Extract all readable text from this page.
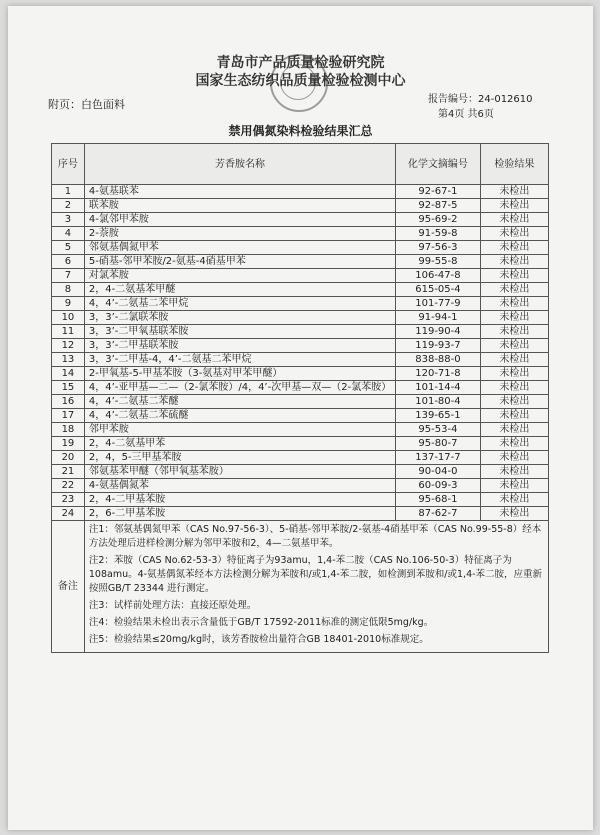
青岛市产品质量检验研究院
国家生态纺织品质量检验检测中心
附页：白色面料	报告编号：24-012610
第4页 共6页
禁用偶氮染料检验结果汇总
序号	芳香胺名称	化学文摘编号	检验结果
1	4-氨基联苯	92-67-1	未检出
2	联苯胺	92-87-5	未检出
3	4-氯邻甲苯胺	95-69-2	未检出
4	2-萘胺	91-59-8	未检出
5	邻氨基偶氮甲苯	97-56-3	未检出
6	5-硝基-邻甲苯胺/2-氨基-4硝基甲苯	99-55-8	未检出
7	对氯苯胺	106-47-8	未检出
8	2，4-二氨基苯甲醚	615-05-4	未检出
9	4，4’-二氨基二苯甲烷	101-77-9	未检出
10	3，3’-二氯联苯胺	91-94-1	未检出
11	3，3’-二甲氧基联苯胺	119-90-4	未检出
12	3，3’-二甲基联苯胺	119-93-7	未检出
13	3，3’-二甲基-4，4’-二氨基二苯甲烷	838-88-0	未检出
14	2-甲氧基-5-甲基苯胺（3-氨基对甲苯甲醚）	120-71-8	未检出
15	4，4’-亚甲基—二—（2-氯苯胺）/4，4’-次甲基—双—（2-氯苯胺）	101-14-4	未检出
16	4，4’-二氨基二苯醚	101-80-4	未检出
17	4，4’-二氨基二苯硫醚	139-65-1	未检出
18	邻甲苯胺	95-53-4	未检出
19	2，4-二氨基甲苯	95-80-7	未检出
20	2，4，5-三甲基苯胺	137-17-7	未检出
21	邻氨基苯甲醚（邻甲氧基苯胺）	90-04-0	未检出
22	4-氨基偶氮苯	60-09-3	未检出
23	2，4-二甲基苯胺	95-68-1	未检出
24	2，6-二甲基苯胺	87-62-7	未检出
备注	注1：邻氨基偶氮甲苯（CAS No.97-56-3）、5-硝基-邻甲苯胺/2-氨基-4硝基甲苯（CAS No.99-55-8）经本方法处理后进样检测分解为邻甲苯胺和2，4—二氨基甲苯。

注2：苯胺（CAS No.62-53-3）特征离子为93amu，1,4-苯二胺（CAS No.106-50-3）特征离子为108amu。4-氨基偶氮苯经本方法检测分解为苯胺和/或1,4-苯二胺，如检测到苯胺和/或1,4-苯二胺，应重新按照GB/T 23344 进行测定。

注3：试样前处理方法：直接还原处理。

注4：检验结果未检出表示含量低于GB/T 17592-2011标准的测定低限5mg/kg。

注5：检验结果≤20mg/kg时，该芳香胺检出量符合GB 18401-2010标准规定。		
